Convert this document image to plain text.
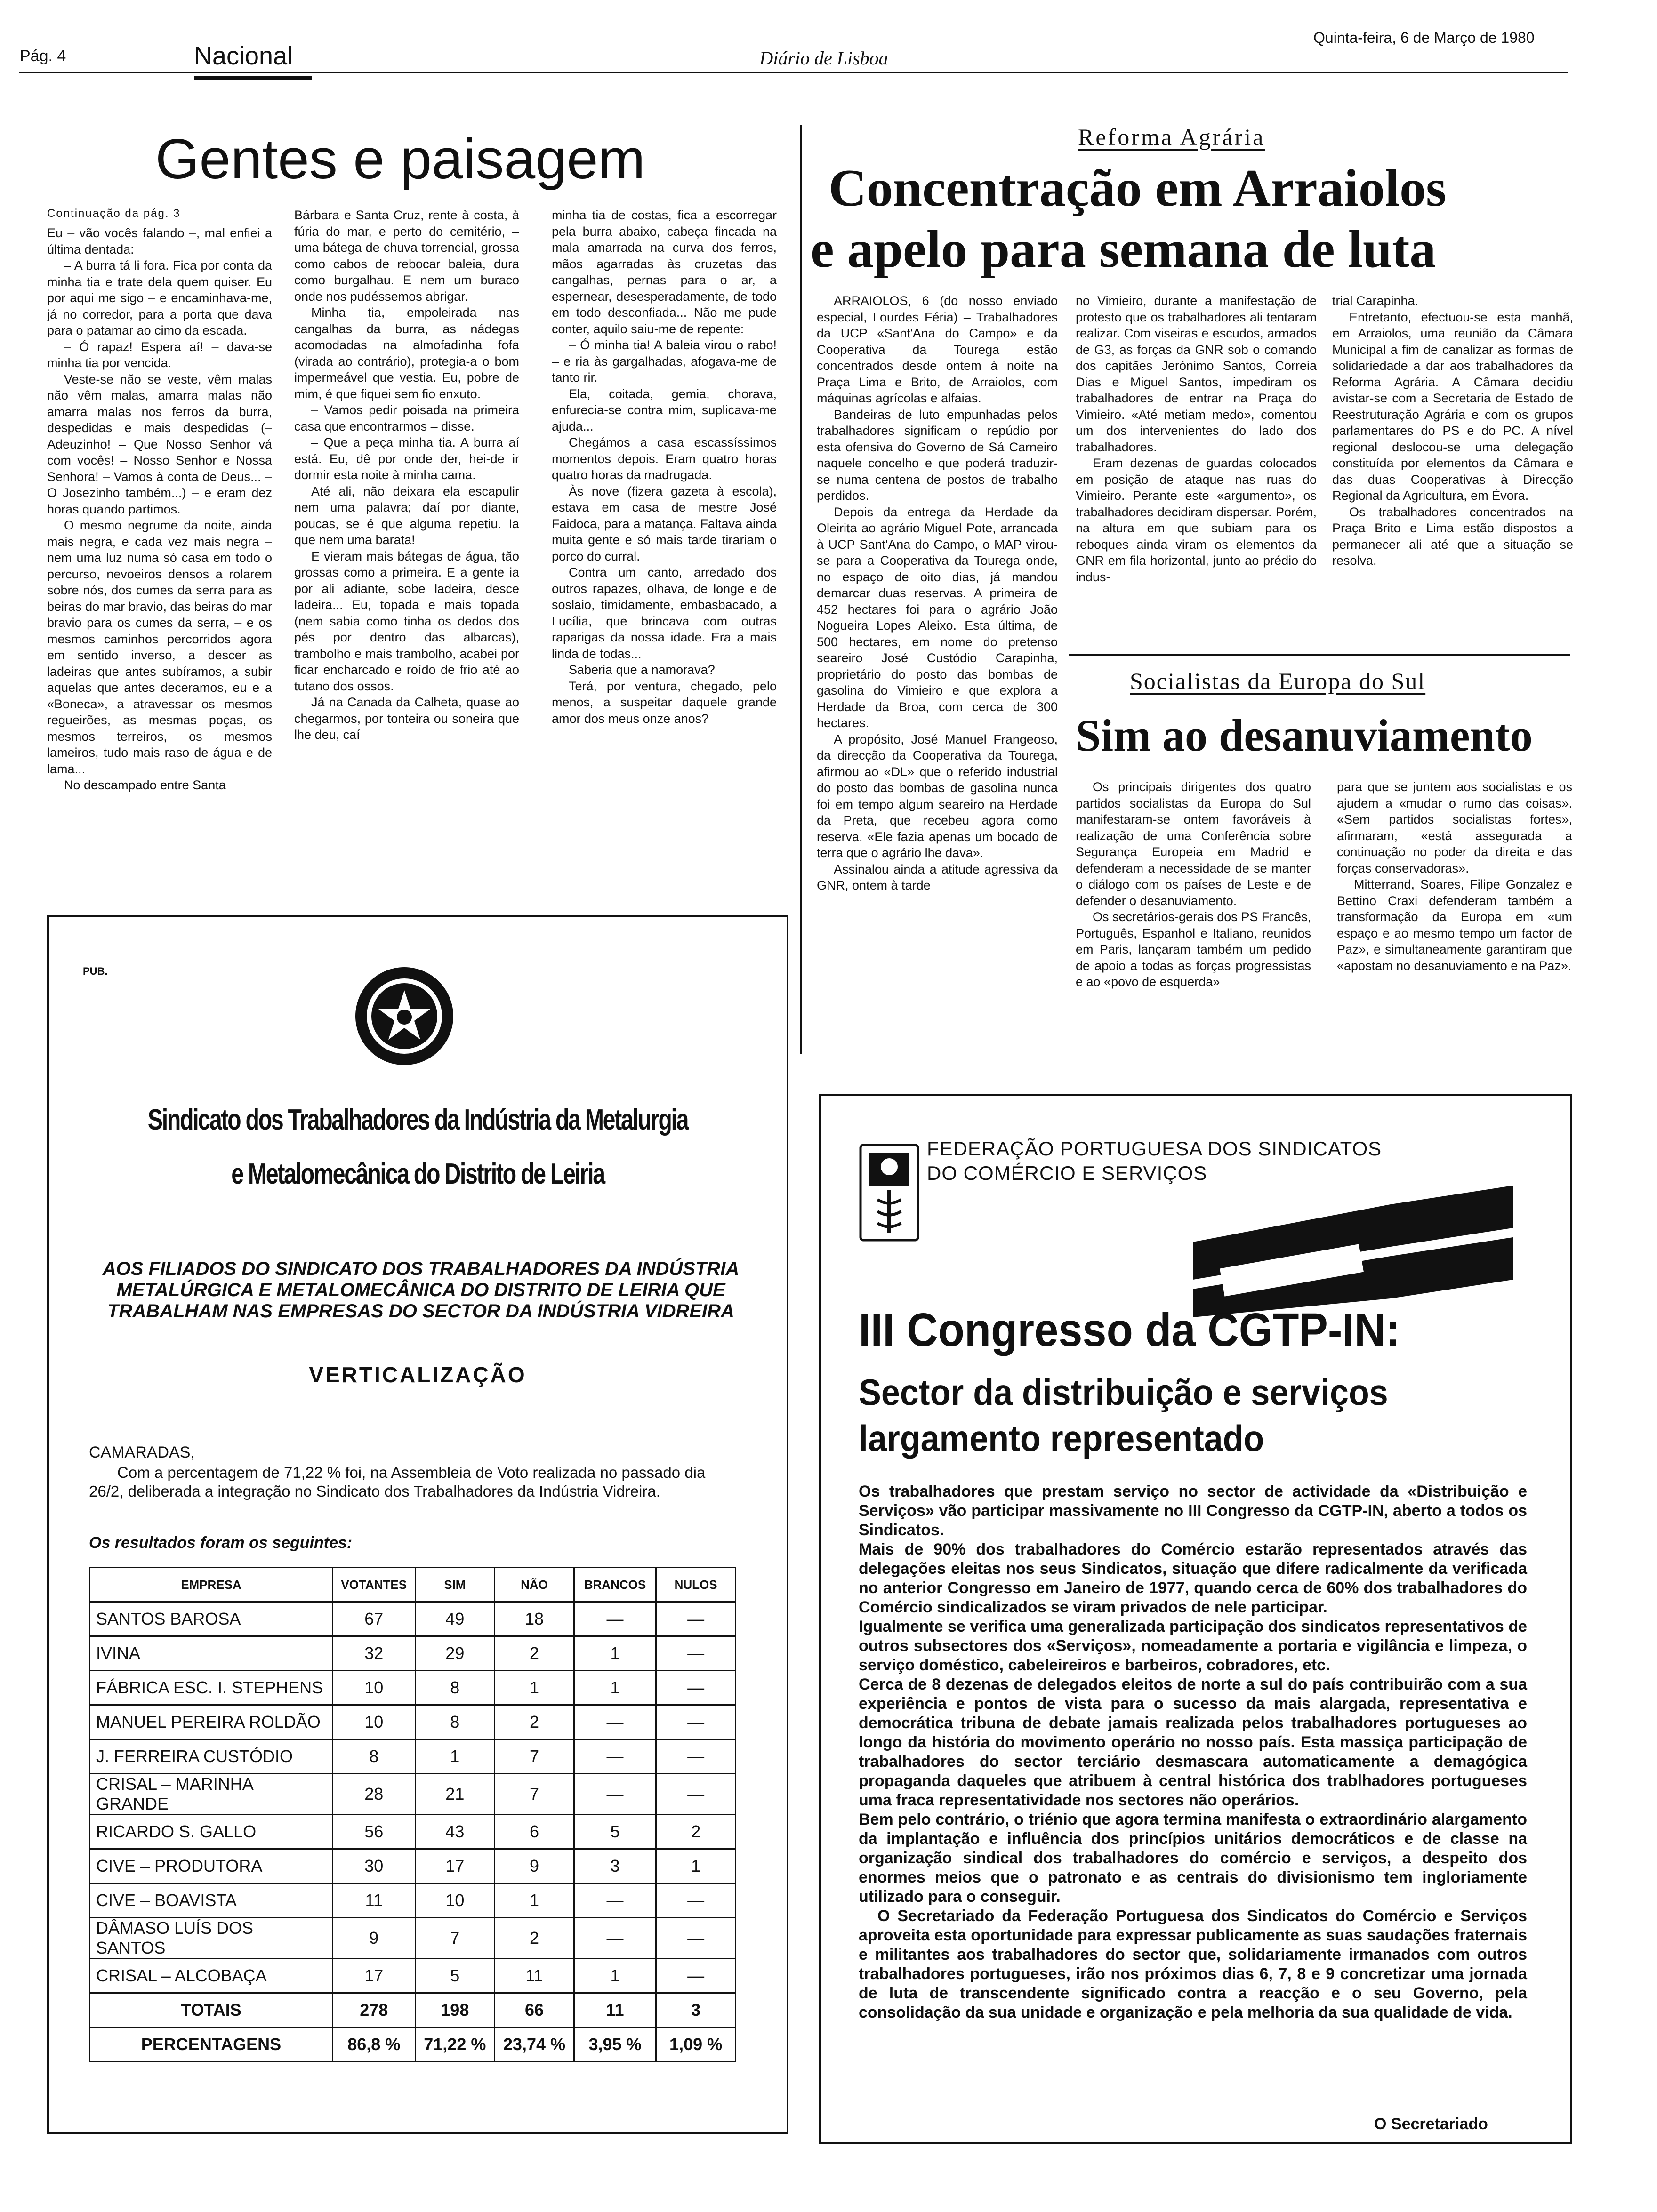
Pág. 4	Nacional	Diário de Lisboa
Quinta-feira, 6 de Março de 1980
Gentes e paisagem
Continuação da pág. 3

Eu – vão vocês falando –, mal enfiei a última dentada:

– A burra tá li fora. Fica por conta da minha tia e trate dela quem quiser. Eu por aqui me sigo – e encaminhava-me, já no corredor, para a porta que dava para o patamar ao cimo da escada.

– Ó rapaz! Espera aí! – dava-se minha tia por vencida.

Veste-se não se veste, vêm malas não vêm malas, amarra malas não amarra malas nos ferros da burra, despedidas e mais despedidas (– Adeuzinho! – Que Nosso Senhor vá com vocês! – Nosso Senhor e Nossa Senhora! – Vamos à conta de Deus... – O Josezinho também...) – e eram dez horas quando partimos.

O mesmo negrume da noite, ainda mais negra, e cada vez mais negra – nem uma luz numa só casa em todo o percurso, nevoeiros densos a rolarem sobre nós, dos cumes da serra para as beiras do mar bravio, das beiras do mar bravio para os cumes da serra, – e os mesmos caminhos percorridos agora em sentido inverso, a descer as ladeiras que antes subíramos, a subir aquelas que antes deceramos, eu e a «Boneca», a atravessar os mesmos regueirões, as mesmas poças, os mesmos terreiros, os mesmos lameiros, tudo mais raso de água e de lama...

No descampado entre Santa

Bárbara e Santa Cruz, rente à costa, à fúria do mar, e perto do cemitério, – uma bátega de chuva torrencial, grossa como cabos de rebocar baleia, dura como burgalhau. E nem um buraco onde nos pudéssemos abrigar.

Minha tia, empoleirada nas cangalhas da burra, as nádegas acomodadas na almofadinha fofa (virada ao contrário), protegia-a o bom impermeável que vestia. Eu, pobre de mim, é que fiquei sem fio enxuto.

– Vamos pedir poisada na primeira casa que encontrarmos – disse.

– Que a peça minha tia. A burra aí está. Eu, dê por onde der, hei-de ir dormir esta noite à minha cama.

Até ali, não deixara ela escapulir nem uma palavra; daí por diante, poucas, se é que alguma repetiu. Ia que nem uma barata!

E vieram mais bátegas de água, tão grossas como a primeira. E a gente ia por ali adiante, sobe ladeira, desce ladeira... Eu, topada e mais topada (nem sabia como tinha os dedos dos pés por dentro das albarcas), trambolho e mais trambolho, acabei por ficar encharcado e roído de frio até ao tutano dos ossos.

Já na Canada da Calheta, quase ao chegarmos, por tonteira ou soneira que lhe deu, caí

minha tia de costas, fica a escorregar pela burra abaixo, cabeça fincada na mala amarrada na curva dos ferros, mãos agarradas às cruzetas das cangalhas, pernas para o ar, a espernear, desesperadamente, de todo em todo desconfiada... Não me pude conter, aquilo saiu-me de repente:

– Ó minha tia! A baleia virou o rabo! – e ria às gargalhadas, afogava-me de tanto rir.

Ela, coitada, gemia, chorava, enfurecia-se contra mim, suplicava-me ajuda...

Chegámos a casa escassíssimos momentos depois. Eram quatro horas quatro horas da madrugada.

Às nove (fizera gazeta à escola), estava em casa de mestre José Faidoca, para a matança. Faltava ainda muita gente e só mais tarde tirariam o porco do curral.

Contra um canto, arredado dos outros rapazes, olhava, de longe e de soslaio, timidamente, embasbacado, a Lucília, que brincava com outras raparigas da nossa idade. Era a mais linda de todas...

Saberia que a namorava?

Terá, por ventura, chegado, pelo menos, a suspeitar daquele grande amor dos meus onze anos?

Reforma Agrária
Concentração em Arraiolos
e apelo para semana de luta

ARRAIOLOS, 6 (do nosso enviado especial, Lourdes Féria) – Trabalhadores da UCP «Sant'Ana do Campo» e da Cooperativa da Tourega estão concentrados desde ontem à noite na Praça Lima e Brito, de Arraiolos, com máquinas agrícolas e alfaias.

Bandeiras de luto empunhadas pelos trabalhadores significam o repúdio por esta ofensiva do Governo de Sá Carneiro naquele concelho e que poderá traduzir-se numa centena de postos de trabalho perdidos.

Depois da entrega da Herdade da Oleirita ao agrário Miguel Pote, arrancada à UCP Sant'Ana do Campo, o MAP virou-se para a Cooperativa da Tourega onde, no espaço de oito dias, já mandou demarcar duas reservas. A primeira de 452 hectares foi para o agrário João Nogueira Lopes Aleixo. Esta última, de 500 hectares, em nome do pretenso seareiro José Custódio Carapinha, proprietário do posto das bombas de gasolina do Vimieiro e que explora a Herdade da Broa, com cerca de 300 hectares.

A propósito, José Manuel Frangeoso, da direcção da Cooperativa da Tourega, afirmou ao «DL» que o referido industrial do posto das bombas de gasolina nunca foi em tempo algum seareiro na Herdade da Preta, que recebeu agora como reserva. «Ele fazia apenas um bocado de terra que o agrário lhe dava».

Assinalou ainda a atitude agressiva da GNR, ontem à tarde

no Vimieiro, durante a manifestação de protesto que os trabalhadores ali tentaram realizar. Com viseiras e escudos, armados de G3, as forças da GNR sob o comando dos capitães Jerónimo Santos, Correia Dias e Miguel Santos, impediram os trabalhadores de entrar na Praça do Vimieiro. «Até metiam medo», comentou um dos intervenientes do lado dos trabalhadores.

Eram dezenas de guardas colocados em posição de ataque nas ruas do Vimieiro. Perante este «argumento», os trabalhadores decidiram dispersar. Porém, na altura em que subiam para os reboques ainda viram os elementos da GNR em fila horizontal, junto ao prédio do indus-

trial Carapinha.

Entretanto, efectuou-se esta manhã, em Arraiolos, uma reunião da Câmara Municipal a fim de canalizar as formas de solidariedade a dar aos trabalhadores da Reforma Agrária. A Câmara decidiu avistar-se com a Secretaria de Estado de Reestruturação Agrária e com os grupos parlamentares do PS e do PC. A nível regional deslocou-se uma delegação constituída por elementos da Câmara e das duas Cooperativas à Direcção Regional da Agricultura, em Évora.

Os trabalhadores concentrados na Praça Brito e Lima estão dispostos a permanecer ali até que a situação se resolva.

Socialistas da Europa do Sul
Sim ao desanuviamento

Os principais dirigentes dos quatro partidos socialistas da Europa do Sul manifestaram-se ontem favoráveis à realização de uma Conferência sobre Segurança Europeia em Madrid e defenderam a necessidade de se manter o diálogo com os países de Leste e de defender o desanuviamento.

Os secretários-gerais dos PS Francês, Português, Espanhol e Italiano, reunidos em Paris, lançaram também um pedido de apoio a todas as forças progressistas e ao «povo de esquerda»

para que se juntem aos socialistas e os ajudem a «mudar o rumo das coisas». «Sem partidos socialistas fortes», afirmaram, «está assegurada a continuação no poder da direita e das forças conservadoras».

Mitterrand, Soares, Filipe Gonzalez e Bettino Craxi defenderam também a transformação da Europa em «um espaço e ao mesmo tempo um factor de Paz», e simultaneamente garantiram que «apostam no desanuviamento e na Paz».

PUB.
Sindicato dos Trabalhadores da Indústria da Metalurgia
e Metalomecânica do Distrito de Leiria
AOS FILIADOS DO SINDICATO DOS TRABALHADORES DA INDÚSTRIA METALÚRGICA E METALOMECÂNICA DO DISTRITO DE LEIRIA QUE TRABALHAM NAS EMPRESAS DO SECTOR DA INDÚSTRIA VIDREIRA
VERTICALIZAÇÃO
CAMARADAS,
Com a percentagem de 71,22 % foi, na Assembleia de Voto realizada no passado dia 26/2, deliberada a integração no Sindicato dos Trabalhadores da Indústria Vidreira.
Os resultados foram os seguintes:
EMPRESA	VOTANTES	SIM	NÃO	BRANCOS	NULOS
SANTOS BAROSA	67	49	18	—	—
IVINA	32	29	2	1	—
FÁBRICA ESC. I. STEPHENS	10	8	1	1	—
MANUEL PEREIRA ROLDÃO	10	8	2	—	—
J. FERREIRA CUSTÓDIO	8	1	7	—	—
CRISAL – MARINHA GRANDE	28	21	7	—	—
RICARDO S. GALLO	56	43	6	5	2
CIVE – PRODUTORA	30	17	9	3	1
CIVE – BOAVISTA	11	10	1	—	—
DÂMASO LUÍS DOS SANTOS	9	7	2	—	—
CRISAL – ALCOBAÇA	17	5	11	1	—
TOTAIS	278	198	66	11	3
PERCENTAGENS	86,8 %	71,22 %	23,74 %	3,95 %	1,09 %
FEDERAÇÃO PORTUGUESA DOS SINDICATOS
DO COMÉRCIO E SERVIÇOS
III Congresso da CGTP-IN:
Sector da distribuição e serviços
largamento representado

Os trabalhadores que prestam serviço no sector de actividade da «Distribuição e Serviços» vão participar massivamente no III Congresso da CGTP-IN, aberto a todos os Sindicatos.

Mais de 90% dos trabalhadores do Comércio estarão representados através das delegações eleitas nos seus Sindicatos, situação que difere radicalmente da verificada no anterior Congresso em Janeiro de 1977, quando cerca de 60% dos trabalhadores do Comércio sindicalizados se viram privados de nele participar.

Igualmente se verifica uma generalizada participação dos sindicatos representativos de outros subsectores dos «Serviços», nomeadamente a portaria e vigilância e limpeza, o serviço doméstico, cabeleireiros e barbeiros, cobradores, etc.

Cerca de 8 dezenas de delegados eleitos de norte a sul do país contribuirão com a sua experiência e pontos de vista para o sucesso da mais alargada, representativa e democrática tribuna de debate jamais realizada pelos trabalhadores portugueses ao longo da história do movimento operário no nosso país. Esta massiça participação de trabalhadores do sector terciário desmascara automaticamente a demagógica propaganda daqueles que atribuem à central histórica dos trablhadores portugueses uma fraca representatividade nos sectores não operários.

Bem pelo contrário, o triénio que agora termina manifesta o extraordinário alargamento da implantação e influência dos princípios unitários democráticos e de classe na organização sindical dos trabalhadores do comércio e serviços, a despeito dos enormes meios que o patronato e as centrais do divisionismo tem ingloriamente utilizado para o conseguir.

O Secretariado da Federação Portuguesa dos Sindicatos do Comércio e Serviços aproveita esta oportunidade para expressar publicamente as suas saudações fraternais e militantes aos trabalhadores do sector que, solidariamente irmanados com outros trabalhadores portugueses, irão nos próximos dias 6, 7, 8 e 9 concretizar uma jornada de luta de transcendente significado contra a reacção e o seu Governo, pela consolidação da sua unidade e organização e pela melhoria da sua qualidade de vida.

O Secretariado
